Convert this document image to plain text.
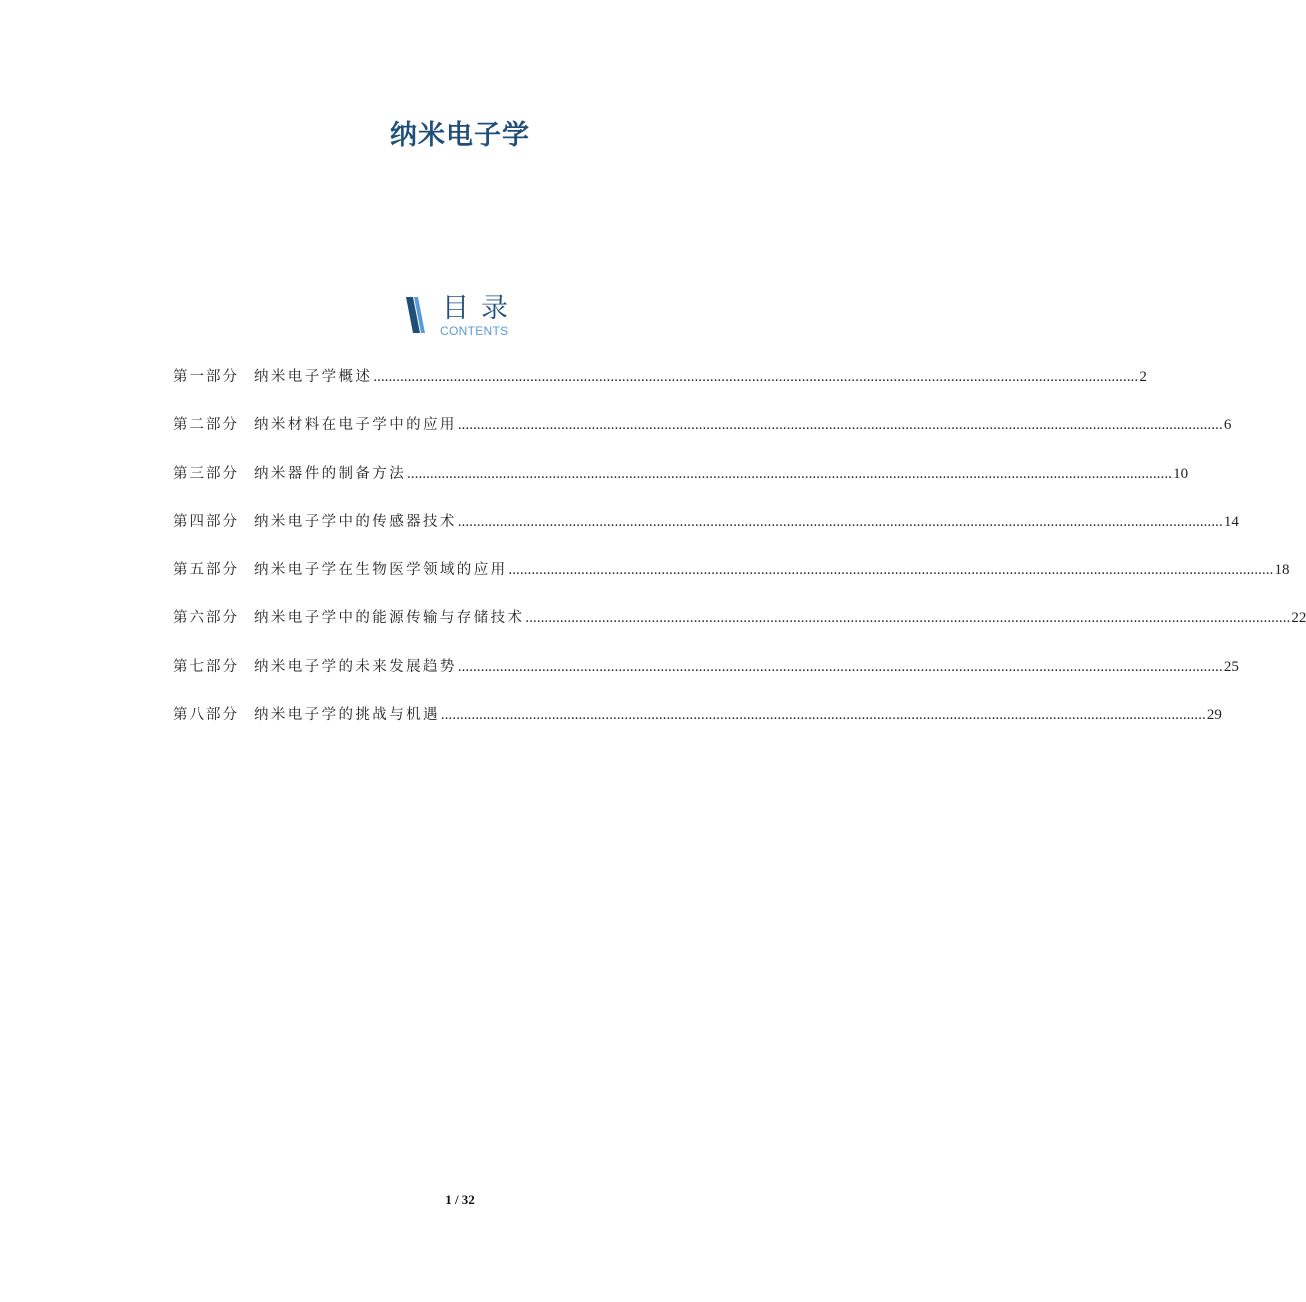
纳米电子学
目录
CONTENTS
第一部分	纳米电子学概述 ........................................................................................................................................................................................................ 2
第二部分	纳米材料在电子学中的应用 ........................................................................................................................................................................................................ 6
第三部分	纳米器件的制备方法 ........................................................................................................................................................................................................ 10
第四部分	纳米电子学中的传感器技术 ........................................................................................................................................................................................................ 14
第五部分	纳米电子学在生物医学领域的应用 ........................................................................................................................................................................................................ 18
第六部分	纳米电子学中的能源传输与存储技术 ........................................................................................................................................................................................................ 22
第七部分	纳米电子学的未来发展趋势 ........................................................................................................................................................................................................ 25
第八部分	纳米电子学的挑战与机遇 ........................................................................................................................................................................................................ 29
1 / 32
